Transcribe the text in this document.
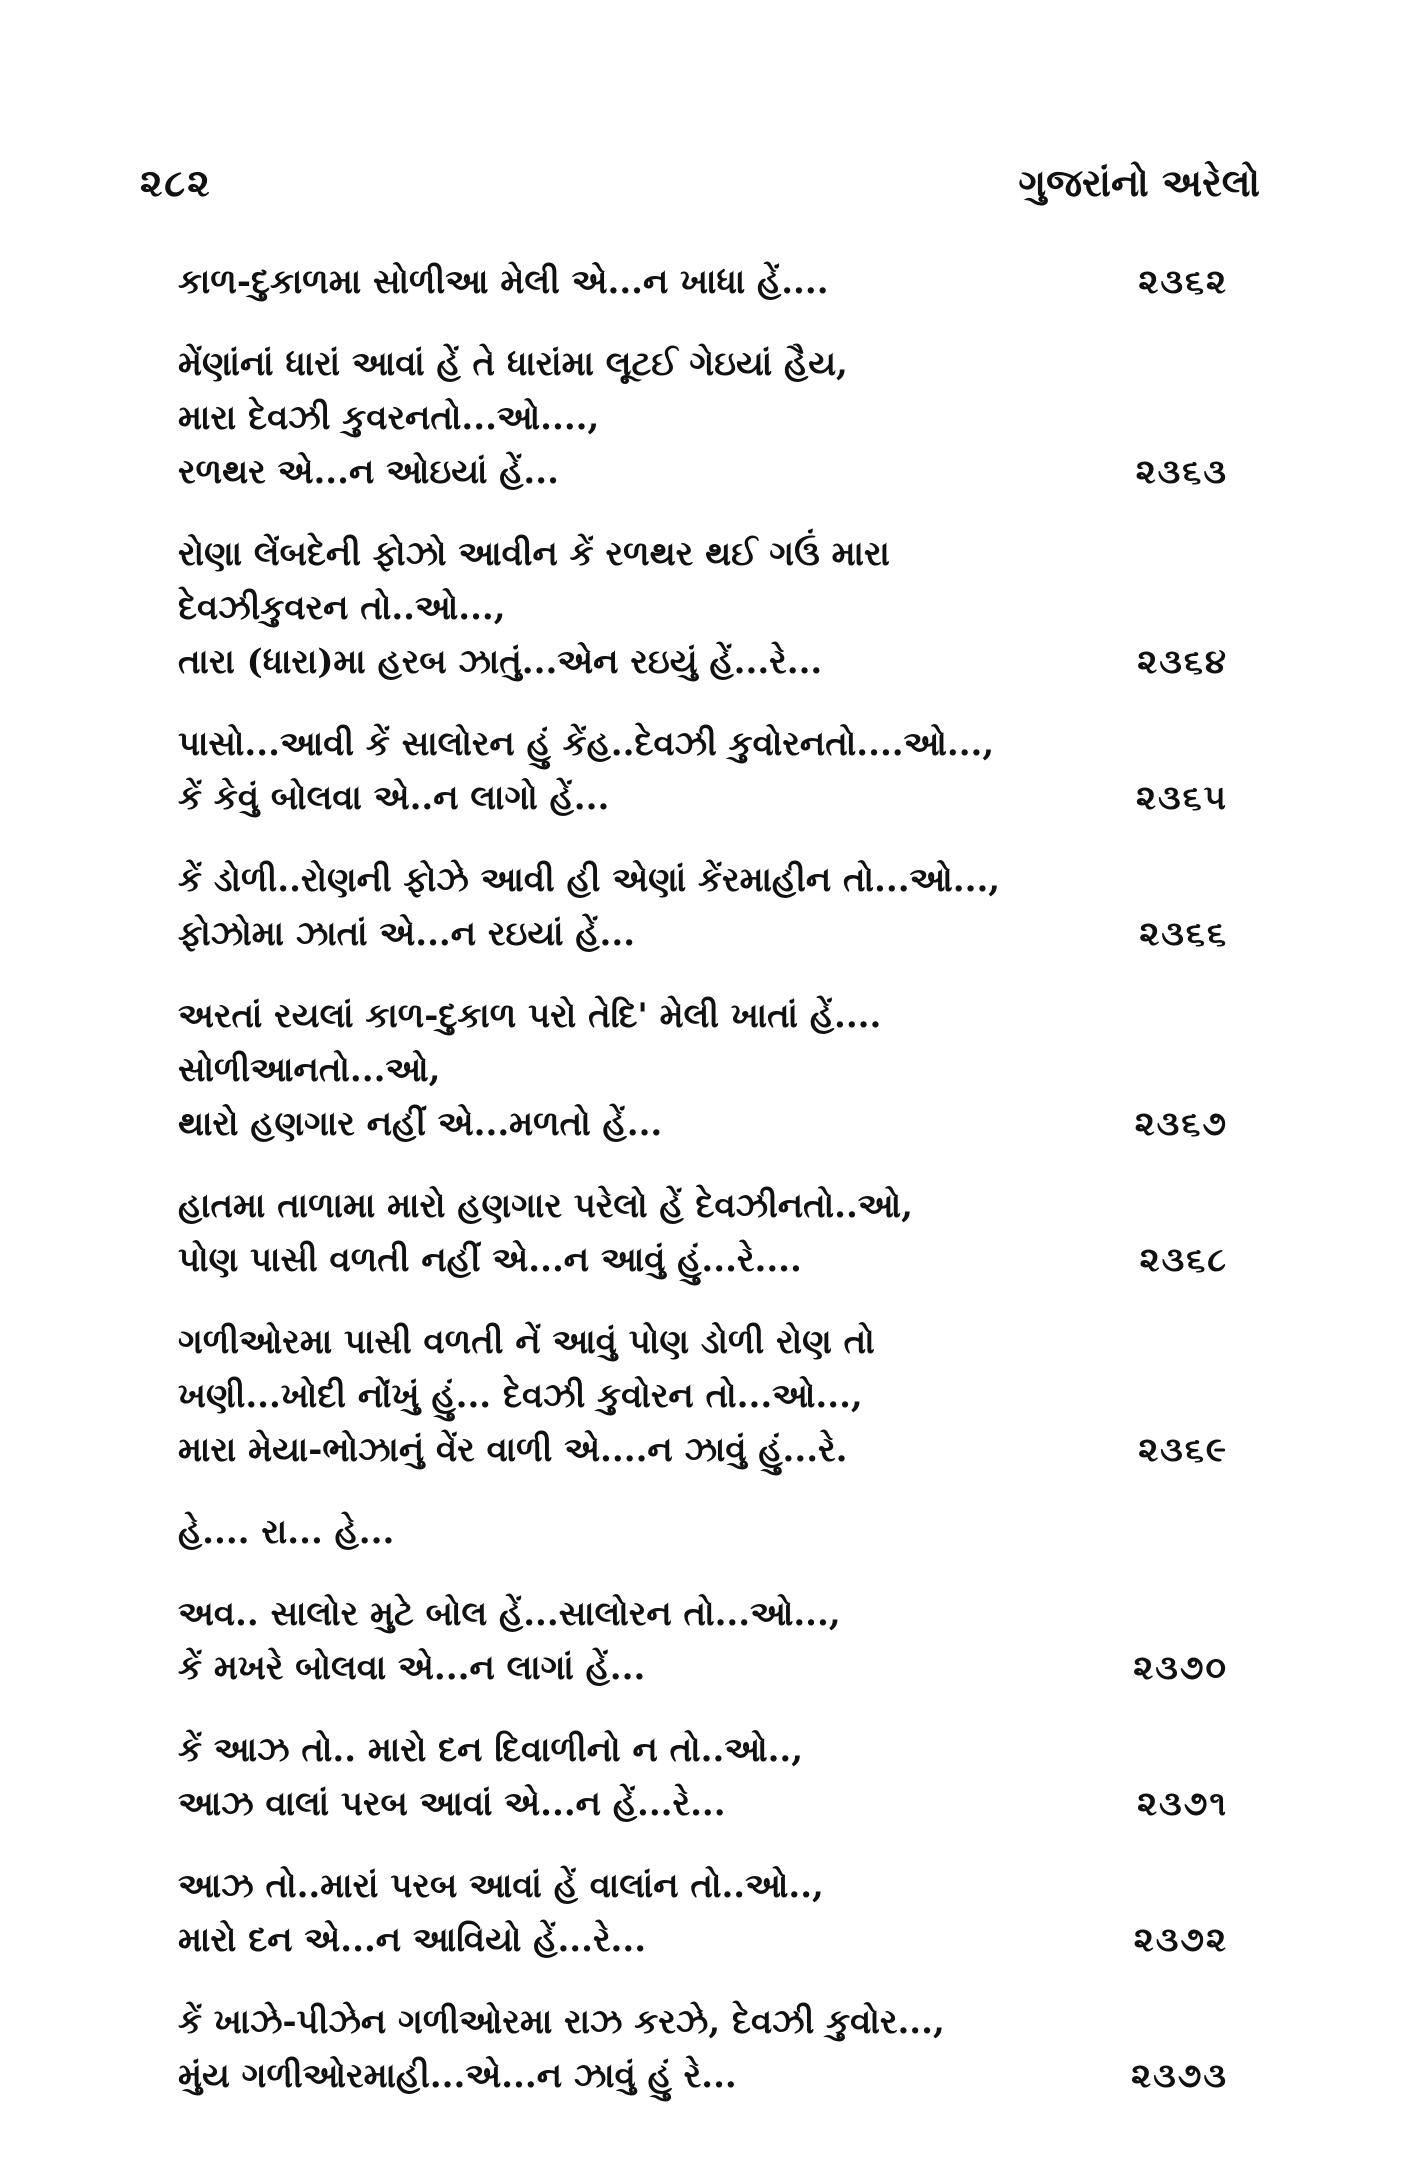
૨૮૨	ગુજરાંનો અરેલો
કાળ-દુકાળમા સોળીઆ મેલી એ...ન ખાધા હેં....	૨૩૬૨
મેંણાંનાં ધારાં આવાં હેં તે ધારાંમા લૂટઈ ગેઇયાં હૈય,
મારા દેવઝી કુવરનતો...ઓ....,
રળથર એ...ન ઓઇયાં હેં...	૨૩૬૩
રોણા લેંબદેની ફોઝો આવીન કેં રળથર થઈ ગઉં મારા
દેવઝીકુવરન તો..ઓ...,
તારા (ધારા)મા હરબ ઝાતું...એન રઇયું હેં...રે...	૨૩૬૪
પાસો...આવી કેં સાલોરન હું કેંહ..દેવઝી કુવોરનતો....ઓ...,
કેં કેવું બોલવા એ..ન લાગો હેં...	૨૩૬૫
કેં ડોળી..રોણની ફોઝે આવી હી એણાં કેંરમાહીન તો...ઓ...,
ફોઝોમા ઝાતાં એ...ન રઇયાં હેં...	૨૩૬૬
અરતાં રયલાં કાળ-દુકાળ પરો તેદિ' મેલી ખાતાં હેં....
સોળીઆનતો...ઓ,
થારો હણગાર નહીં એ...મળતો હેં...	૨૩૬૭
હાતમા તાળામા મારો હણગાર પરેલો હેં દેવઝીનતો..ઓ,
પોણ પાસી વળતી નહીં એ...ન આવું હું...રે....	૨૩૬૮
ગળીઓરમા પાસી વળતી નેં આવું પોણ ડોળી રોણ તો
ખણી...ખોદી નોંખું હું... દેવઝી કુવોરન તો...ઓ...,
મારા મેયા-ભોઝાનું વેંર વાળી એ....ન ઝાવું હું...રે.	૨૩૬૯
હે.... રા... હે...
અવ.. સાલોર મુટે બોલ હેં...સાલોરન તો...ઓ...,
કેં મખરે બોલવા એ...ન લાગાં હેં...	૨૩૭૦
કેં આઝ તો.. મારો દન દિવાળીનો ન તો..ઓ..,
આઝ વાલાં પરબ આવાં એ...ન હેં...રે...	૨૩૭૧
આઝ તો..મારાં પરબ આવાં હેં વાલાંન તો..ઓ..,
મારો દન એ...ન આવિયો હેં...રે...	૨૩૭૨
કેં ખાઝે-પીઝેન ગળીઓરમા રાઝ કરઝે, દેવઝી કુવોર...,
મુંય ગળીઓરમાહી...એ...ન ઝાવું હું રે...	૨૩૭૩
